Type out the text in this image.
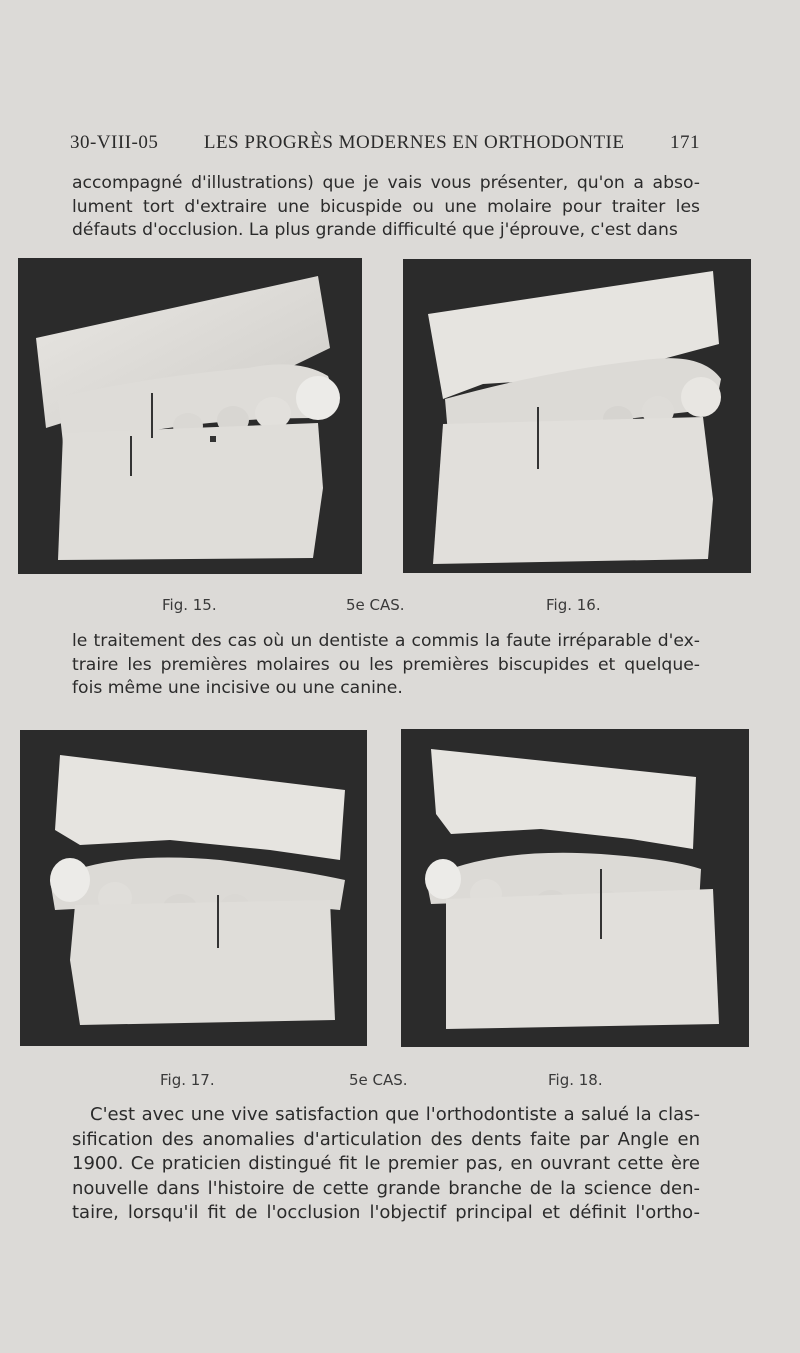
30-VIII-05 LES PROGRÈS MODERNES EN ORTHODONTIE 171

accompagné d'illustrations) que je vais vous présenter, qu'on a abso-
lument tort d'extraire une bicuspide ou une molaire pour traiter les
défauts d'occlusion. La plus grande difficulté que j'éprouve, c'est dans

Fig. 15.	5e CAS.	Fig. 16.

le traitement des cas où un dentiste a commis la faute irréparable d'ex-
traire les premières molaires ou les premières biscupides et quelque-
fois même une incisive ou une canine.

Fig. 17.	5e CAS.	Fig. 18.

C'est avec une vive satisfaction que l'orthodontiste a salué la clas-
sification des anomalies d'articulation des dents faite par Angle en
1900. Ce praticien distingué fit le premier pas, en ouvrant cette ère
nouvelle dans l'histoire de cette grande branche de la science den-
taire, lorsqu'il fit de l'occlusion l'objectif principal et définit l'ortho-
